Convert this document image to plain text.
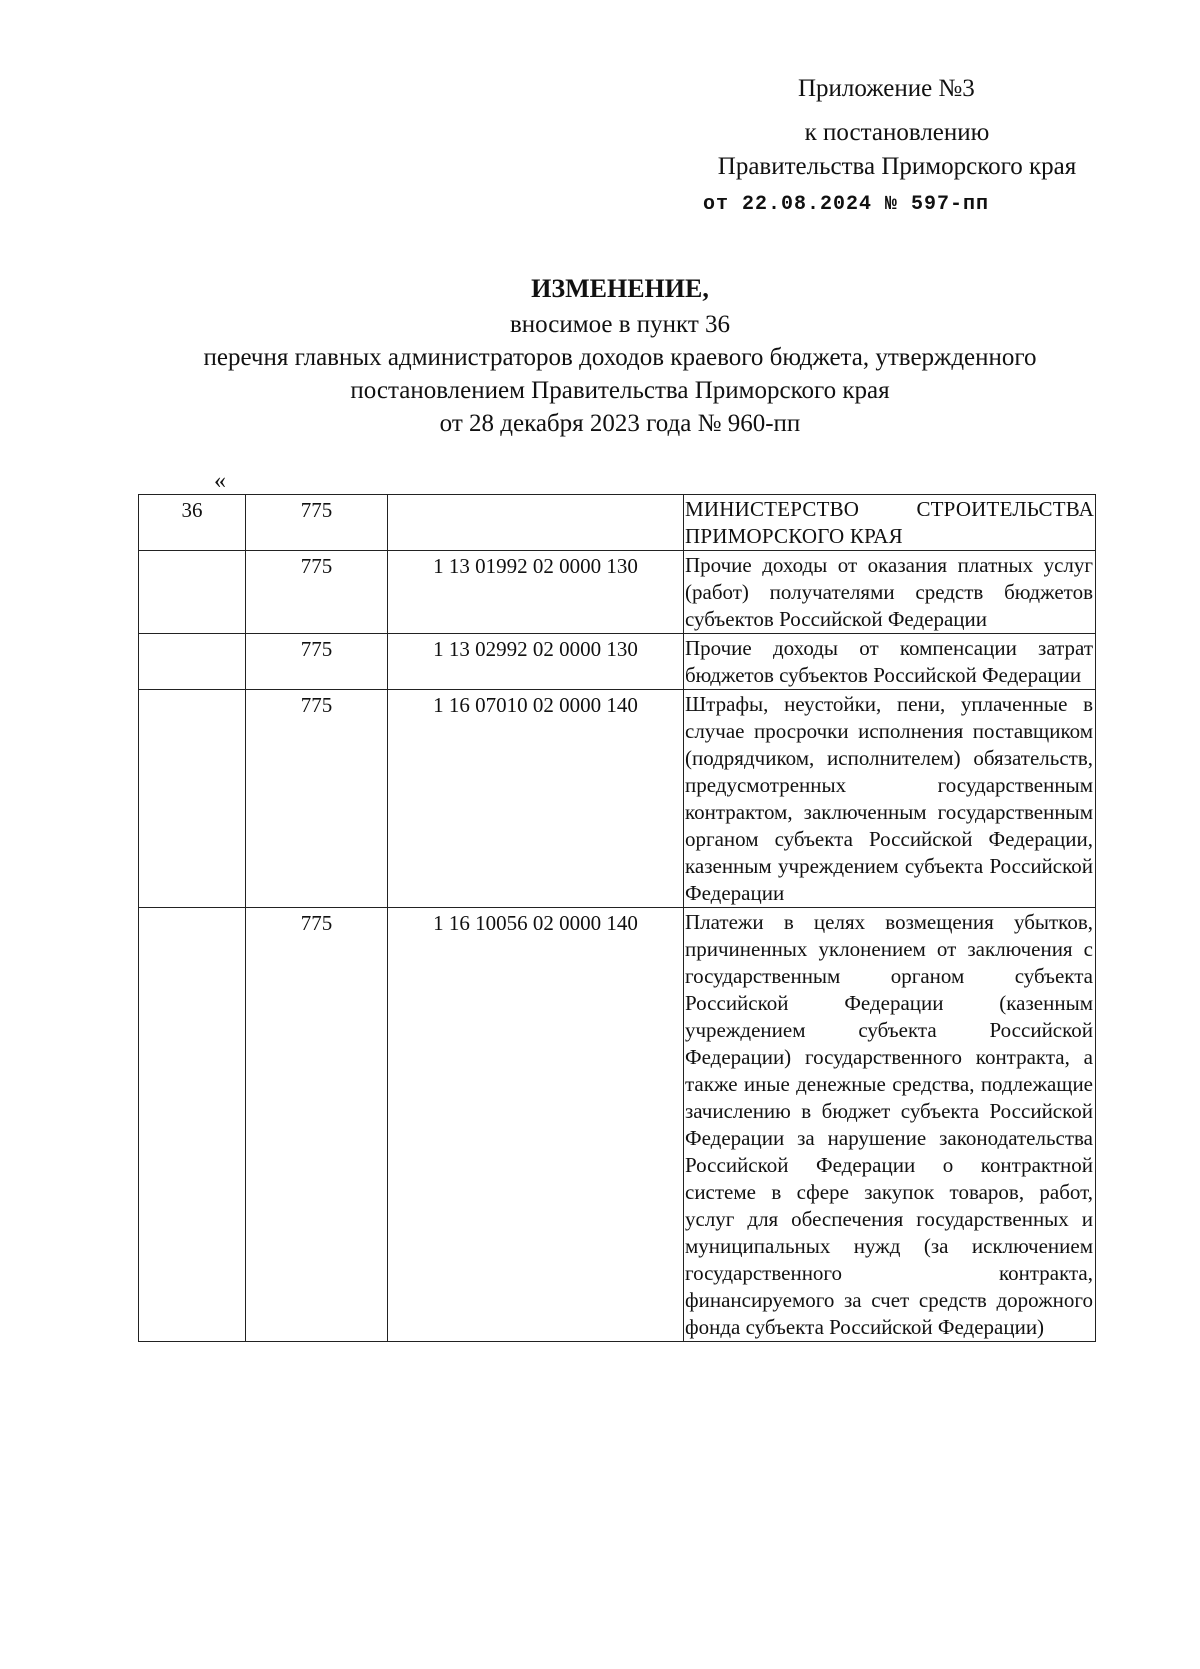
Приложение №3
к постановлению
Правительства Приморского края
от 22.08.2024 № 597-пп
ИЗМЕНЕНИЕ,
вносимое в пункт 36
перечня главных администраторов доходов краевого бюджета, утвержденного
постановлением Правительства Приморского края
от 28 декабря 2023 года № 960-пп
«
36	775		МИНИСТЕРСТВО СТРОИТЕЛЬСТВА ПРИМОРСКОГО КРАЯ

	775	1 13 01992 02 0000 130	Прочие доходы от оказания платных услуг (работ) получателями средств бюджетов субъектов Российской Федерации

	775	1 13 02992 02 0000 130	Прочие доходы от компенсации затрат бюджетов субъектов Российской Федерации

	775	1 16 07010 02 0000 140	Штрафы, неустойки, пени, уплаченные в случае просрочки исполнения поставщиком (подрядчиком, исполнителем) обязательств, предусмотренных государственным контрактом, заключенным государственным органом субъекта Российской Федерации, казенным учреждением субъекта Российской Федерации

	775	1 16 10056 02 0000 140	Платежи в целях возмещения убытков, причиненных уклонением от заключения с государственным органом субъекта Российской Федерации (казенным учреждением субъекта Российской Федерации) государственного контракта, а также иные денежные средства, подлежащие зачислению в бюджет субъекта Российской Федерации за нарушение законодательства Российской Федерации о контрактной системе в сфере закупок товаров, работ, услуг для обеспечения государственных и муниципальных нужд (за исключением государственного контракта, финансируемого за счет средств дорожного фонда субъекта Российской Федерации)
